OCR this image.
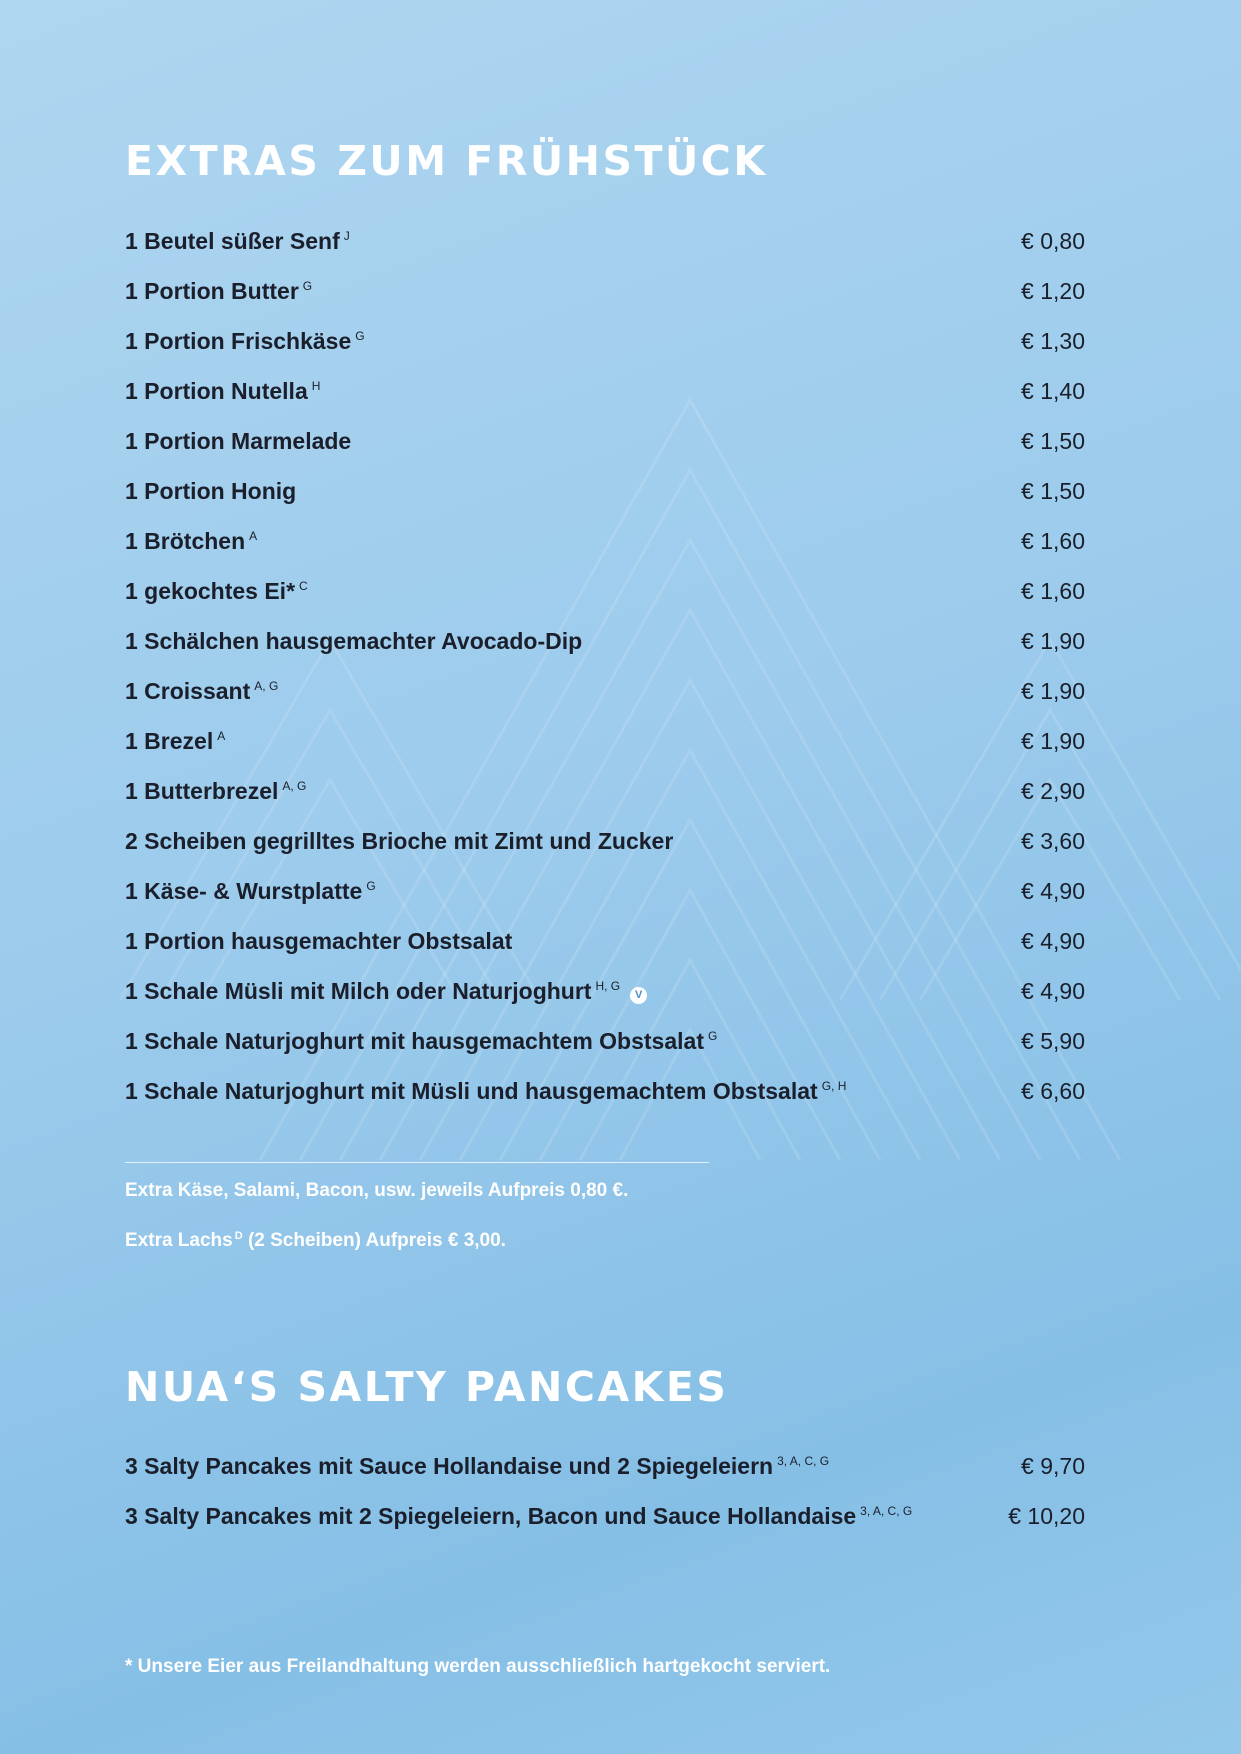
EXTRAS ZUM FRÜHSTÜCK
1 Beutel süßer Senf $^J$	€ 0,80
1 Portion Butter $^G$	€ 1,20
1 Portion Frischkäse $^G$	€ 1,30
1 Portion Nutella $^H$	€ 1,40
1 Portion Marmelade	€ 1,50
1 Portion Honig	€ 1,50
1 Brötchen $^A$	€ 1,60
1 gekochtes Ei* $^C$	€ 1,60
1 Schälchen hausgemachter Avocado-Dip	€ 1,90
1 Croissant $^{A, G}$	€ 1,90
1 Brezel $^A$	€ 1,90
1 Butterbrezel $^{A, G}$	€ 2,90
2 Scheiben gegrilltes Brioche mit Zimt und Zucker	€ 3,60
1 Käse- & Wurstplatte $^G$	€ 4,90
1 Portion hausgemachter Obstsalat	€ 4,90
1 Schale Müsli mit Milch oder Naturjoghurt $^{H, G}$V	€ 4,90
1 Schale Naturjoghurt mit hausgemachtem Obstsalat $^G$	€ 5,90
1 Schale Naturjoghurt mit Müsli und hausgemachtem Obstsalat $^{G, H}$	€ 6,60
Extra Käse, Salami, Bacon, usw. jeweils Aufpreis 0,80 €.
Extra Lachs $^D$ (2 Scheiben) Aufpreis € 3,00.
NUA‘S SALTY PANCAKES
3 Salty Pancakes mit Sauce Hollandaise und 2 Spiegeleiern $^{3, A, C, G}$	€ 9,70
3 Salty Pancakes mit 2 Spiegeleiern, Bacon und Sauce Hollandaise $^{3, A, C, G}$	€ 10,20
* Unsere Eier aus Freilandhaltung werden ausschließlich hartgekocht serviert.
